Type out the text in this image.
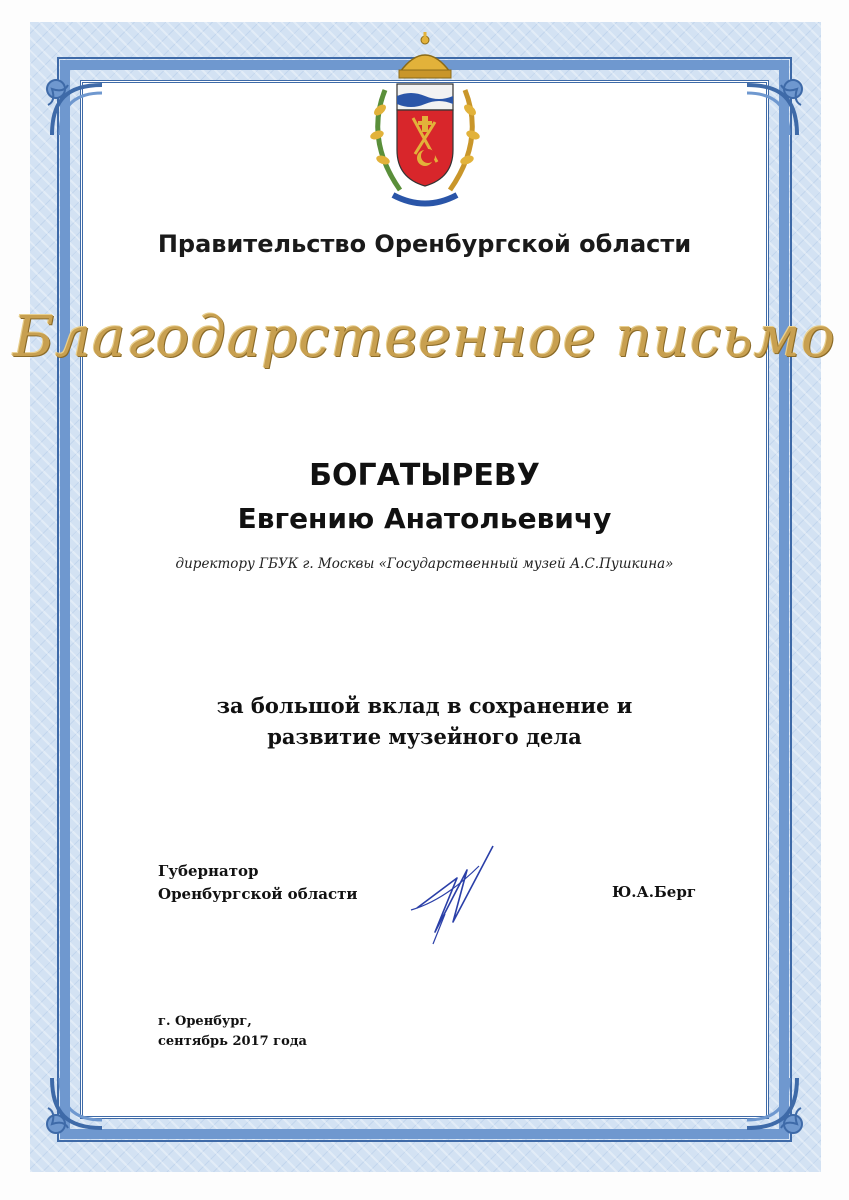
Правительство Оренбургской области
Благодарственное письмо
БОГАТЫРЕВУ
Евгению Анатольевичу
директору ГБУК г. Москвы «Государственный музей А.С.Пушкина»
за большой вклад в сохранение и
развитие музейного дела
Губернатор
Оренбургской области	Ю.А.Берг
г. Оренбург,
сентябрь 2017 года
